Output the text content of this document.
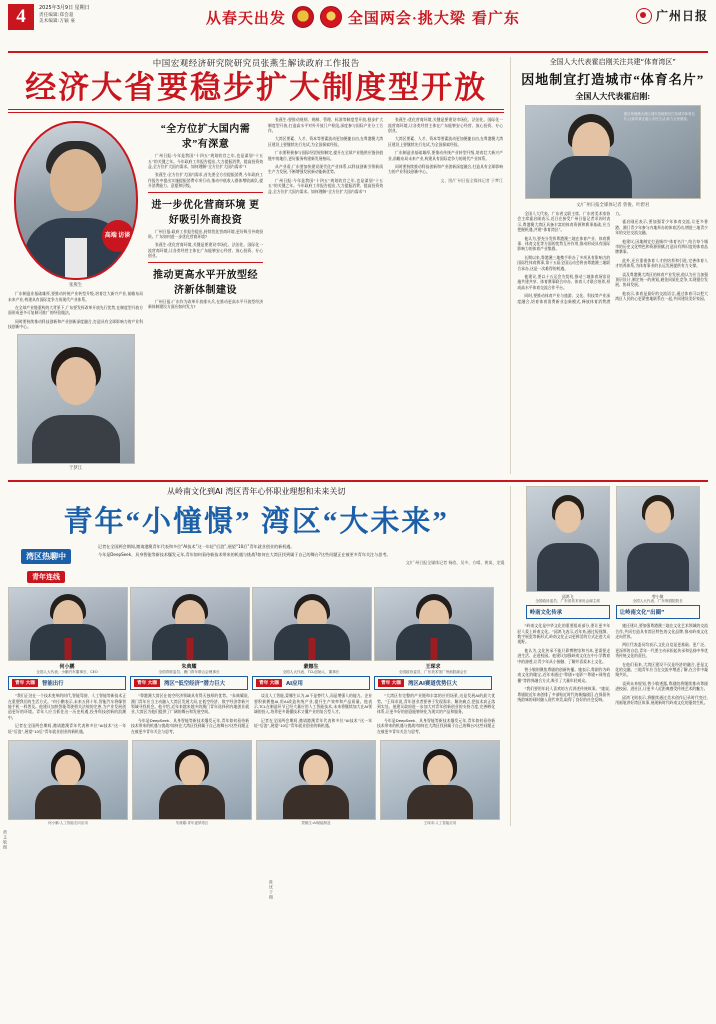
4	2025年3月9日 星期日
责任编辑:郑会超
美术编辑:万颖 豪	从春天出发	全国两会·挑大梁 看广东	广州日报
中国宏观经济研究院研究员张燕生解读政府工作报告
经济大省要稳步扩大制度型开放
高端 访谈
张燕生

广东制造业基础雄厚,要推动传统产业转型升级,培育壮大新兴产业,前瞻布局未来产业,构建具有国际竞争力的现代产业体系。

在全球产业链重构的大背景下,广东要发挥改革开放先行优势,在制度型开放方面形成更多可复制可推广的经验做法。

同时要持续推动科技创新和产业创新深度融合,打造具有全球影响力的产业科技创新中心。

于梦江
“全方位扩大国内需求”有深意

广州日报:今年是我国“十四五”规划收官之年,也是谋划“十五五”的关键之年。今年政府工作报告提出,大力提振消费、提高投资效益,全方位扩大国内需求。如何理解“全方位扩大国内需求”?

张燕生:全方位扩大国内需求,首先要全方位提振消费,今年政府工作报告中提出实施提振消费专项行动,推动中低收入群体增收减负,提升消费能力、意愿和层级。

进一步优化营商环境 更好吸引外商投资

广州日报:政府工作报告提出,持续优化营商环境,更好吸引外商投资。广东如何进一步优化营商环境?

张燕生:优化营商环境,关键是要建设市场化、法治化、国际化一流营商环境,让各类经营主体在广东能够安心经营、放心投资、专心创业。

推动更高水平开放型经济新体制建设

广州日报:广东作为改革开放排头兵,在推动更高水平开放型经济新体制建设方面应如何发力?

张燕生:要推动规则、规制、管理、标准等制度型开放,稳步扩大制度型开放,打造高水平对外开放门户枢纽,深度参与国际产业分工合作。

大湾区要素、人才、资本等要素流动更加便捷自由,在粤港澳大湾区建设上要继续先行先试,为全国探索经验。

广东要积极参与国际经贸规则制定,提升在全球产业链供应链价值链中的地位,更好服务构建新发展格局。

从产业看,广东要加快建设现代化产业体系,以科技创新引领新质生产力发展,不断增强发展新动能新优势。

广州日报:今年是我国“十四五”规划收官之年,也是谋划“十五五”的关键之年。今年政府工作报告提出,大力提振消费、提高投资效益,全方位扩大国内需求。如何理解“全方位扩大国内需求”?

张燕生:优化营商环境,关键是要建设市场化、法治化、国际化一流营商环境,让各类经营主体在广东能够安心经营、放心投资、专心创业。

大湾区要素、人才、资本等要素流动更加便捷自由,在粤港澳大湾区建设上要继续先行先试,为全国探索经验。

广东制造业基础雄厚,要推动传统产业转型升级,培育壮大新兴产业,前瞻布局未来产业,构建具有国际竞争力的现代产业体系。

同时要持续推动科技创新和产业创新深度融合,打造具有全球影响力的产业科技创新中心。

文、图/广州日报全媒体记者 于梦江
全国人大代表霍启刚关注共建“体育湾区”
因地制宜打造城市“体育名片”
全国人大代表霍启刚:
建议粤港澳大湾区城市因地制宜打造城市体育名片,让体育真正融入市民生活,助力全民健身。
文/广州日报全媒体记者 曾俊、叶碧君

全国人大代表、广东省文联主席、广东省美术家协会主席霍启刚表示,近日在接受广州日报记者采访时表示,粤港澳大湾区具备丰富的体育资源和赛事基础,应当把握机遇,共建“体育湾区”。

他认为,要充分发挥粤港澳三地在体育产业、体育赛事、体育文化等方面的优势互补作用,推动形成具有国际影响力的体育产业集群。

长期以来,粤港澳三地携手举办了多项具有影响力的国际性体育赛事,第十五届全国运动会将由粤港澳三地联合承办,这是一次难得的机遇。

他建议,要以十五运会为契机,推动三地体育场馆设施共建共享、体育赛事联合申办、体育人才联合培养,形成高水平体育交流合作平台。

同时,要推动体育产业与旅游、文化、科技等产业深度融合,培育体育消费新业态新模式,释放体育消费潜力。

霍启刚还表示,要加强青少年体育交流,让更多香港、澳门青少年参与内地举办的体育活动,增进三地青少年的交往交流交融。

他建议,因地制宜打造城市“体育名片”,结合每个城市的历史文化特色和资源禀赋,打造具有辨识度的体育品牌赛事。

此外,还应重视体育人才的培养和引进,完善体育人才培养体系,为体育事业的长远发展提供有力支撑。

谈及粤港澳大湾区的体育产业发展,他认为应当加强顶层设计,制定统一的规划,避免同质化竞争,实现错位发展、协同发展。

他表示,体育是最好的交流语言,通过体育可以把大湾区人民的心更紧密地联系在一起,共同建设美好家园。

从岭南文化到AI 湾区青年心怀职业理想和未来关切
青年“小憧憬” 湾区“大未来”
湾区热聊中
青年连线

记者在全国两会期间,邀请港澳青年代表和多位“AI技术”这一年轻“后浪”,展望“10后”青年就业创业的新机遇。

今年是DeepSeek、具身智能等新技术爆发元年,青年如何看待新技术带来的机遇与挑战?如何在大湾区找到属于自己的舞台?这些问题正在被更多青年关注与思考。

文/广州日报全媒体记者 杨欣、吴多、方晴、黄岚、龙锟
何小鹏
全国人大代表、小鹏汽车董事长、CEO
青年 大咖	智能出行
朱典耀
全国青联委员、澳门青年联合会理事长
青年 大咖	湾区“低空经济”潜力巨大
蒙娜生
全国人大代表、TCL创始人、董事长
青年 大咖	AI应用
王琛求
全国政协委员、广东美术馆广州画院副会长
青年 大咖	湾区AI赛道优势巨大

“我们正处在一个技术变革的时代,智能驾驶、人工智能等新技术正在重塑我们的生活方式。”何小鹏表示,未来五到十年,智能汽车将像智能手机一样普及。他建议加快智能驾驶相关法规的完善,为产业发展创造更好的环境。青年人应当抓住这一历史机遇,投身科技创新的浪潮中。

记者在全国两会期间,邀请港澳青年代表和多位“AI技术”这一年轻“后浪”,展望“10后”青年就业创业的新机遇。

“粤港澳大湾区在低空经济领域具有得天独厚的优势。”朱典耀说,澳门青年应当主动融入大湾区发展大局,在低空经济、数字经济等新兴领域寻找机会。他介绍,近年来越来越多的澳门青年选择到内地创业就业,大湾区为他们提供了广阔的舞台和发展空间。

今年是DeepSeek、具身智能等新技术爆发元年,青年如何看待新技术带来的机遇与挑战?如何在大湾区找到属于自己的舞台?这些问题正在被更多青年关注与思考。

谈及人工智能,蒙娜生认为,AI不是替代人,而是增强人的能力。企业要积极拥抱AI,用AI改造传统产业,提升生产效率和产品质量。他表示,TCL在制造环节已经大量应用人工智能技术,未来将继续加大在AI领域的投入,培养更多既懂技术又懂产业的复合型人才。

记者在全国两会期间,邀请港澳青年代表和多位“AI技术”这一年轻“后浪”,展望“10后”青年就业创业的新机遇。

“大湾区有完整的产业链和丰富的应用场景,这是发展AI的最大优势。”王琛求说,青年创业者要善于发现需求、解决痛点,把技术真正落到实处。他建议政府进一步加大对青年创新创业的支持力度,完善孵化体系,让更多好的创意能够转化为现实的产品和服务。

今年是DeepSeek、具身智能等新技术爆发元年,青年如何看待新技术带来的机遇与挑战?如何在大湾区找到属于自己的舞台?这些问题正在被更多青年关注与思考。

何小鹏:人工智能走向应用	朱典耀:青年逐梦湾区	蒙娜生:AI赋能制造	王琛求:人工智能应用
邱鸿飞
全国政协委员、广东省美术家协会副主席
岭南文化传承
曾小敏
全国人大代表、广东粤剧院院长
让岭南文化“出圈”

“岭南文化是中华文化的重要组成部分,要让更多年轻人爱上岭南文化。”邱鸿飞表示,近年来,通过短视频、数字展览等新形式,岭南文化正以更鲜活的方式走进大众视野。

他认为,文化传承不能只靠博物馆和书本,更需要走进生活、走进校园。他建议加强岭南文化在中小学教育中的渗透,让青少年从小接触、了解并喜爱本土文化。

曾小敏则聚焦粤剧的创新传播。她表示,粤剧作为岭南文化的瑰宝,近年来通过“粤剧+电影”“粤剧+网络直播”等跨界融合方式,吸引了大量年轻观众。

“我们要用年轻人喜欢的方式讲述传统故事。”她说,粤剧院近年来创排了多部贴近时代的新编剧目,在保留传统韵味的同时融入现代审美,取得了良好的社会反响。

她还建议,要加强粤港澳三地在文化艺术领域的交流合作,共同打造具有湾区特色的文化品牌,推动岭南文化走向世界。

两位代表委员均表示,文化自信是更基础、更广泛、更深厚的自信,青年一代要主动承担起传承和弘扬中华优秀传统文化的责任。

在他们看来,大湾区建设不仅是经济的融合,更是文化的交融。三地青年应当在交流中增进了解,在合作中凝聚共识。

谈到未来规划,曾小敏透露,粤剧院将继续推动粤剧进校园、进社区,让更多人近距离感受传统艺术的魅力。

邱鸿飞则表示,将继续通过美术创作记录时代变迁,用画笔讲好湾区故事,展现新时代岭南文化的蓬勃生机。

黄文敏摄
陈忧子摄
